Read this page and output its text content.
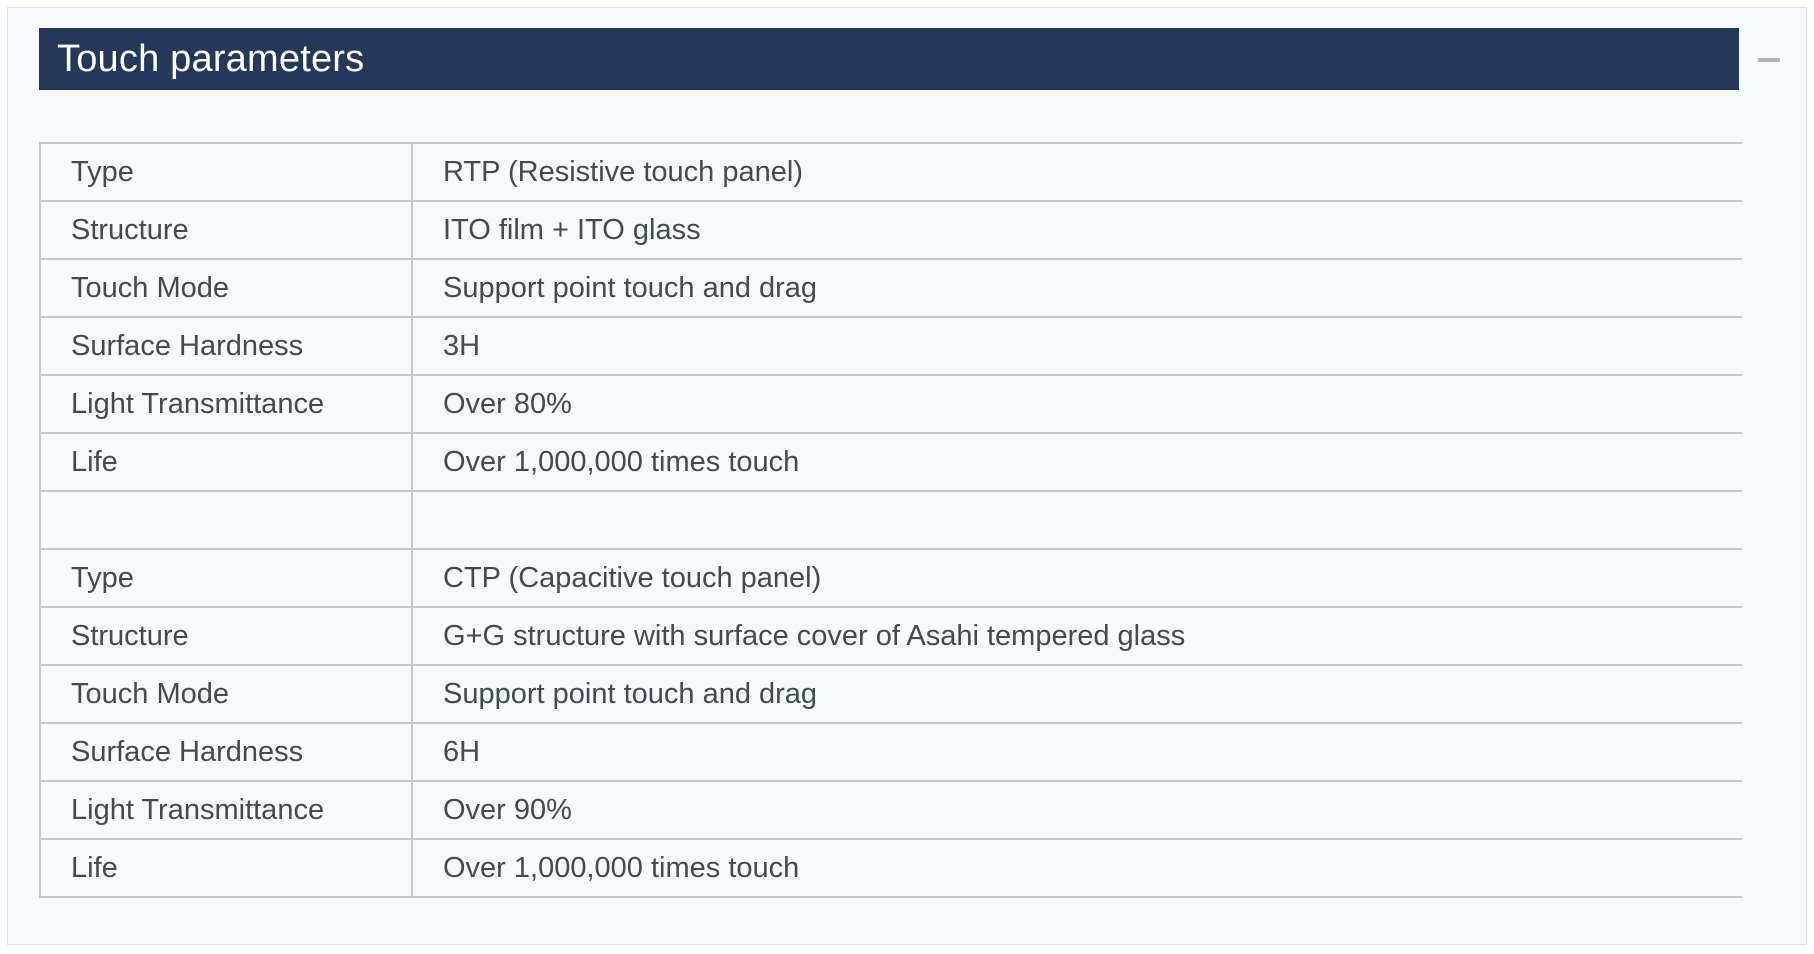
Touch parameters
Type	RTP (Resistive touch panel)
Structure	ITO film + ITO glass
Touch Mode	Support point touch and drag
Surface Hardness	3H
Light Transmittance	Over 80%
Life	Over 1,000,000 times touch

Type	CTP (Capacitive touch panel)
Structure	G+G structure with surface cover of Asahi tempered glass
Touch Mode	Support point touch and drag
Surface Hardness	6H
Light Transmittance	Over 90%
Life	Over 1,000,000 times touch
